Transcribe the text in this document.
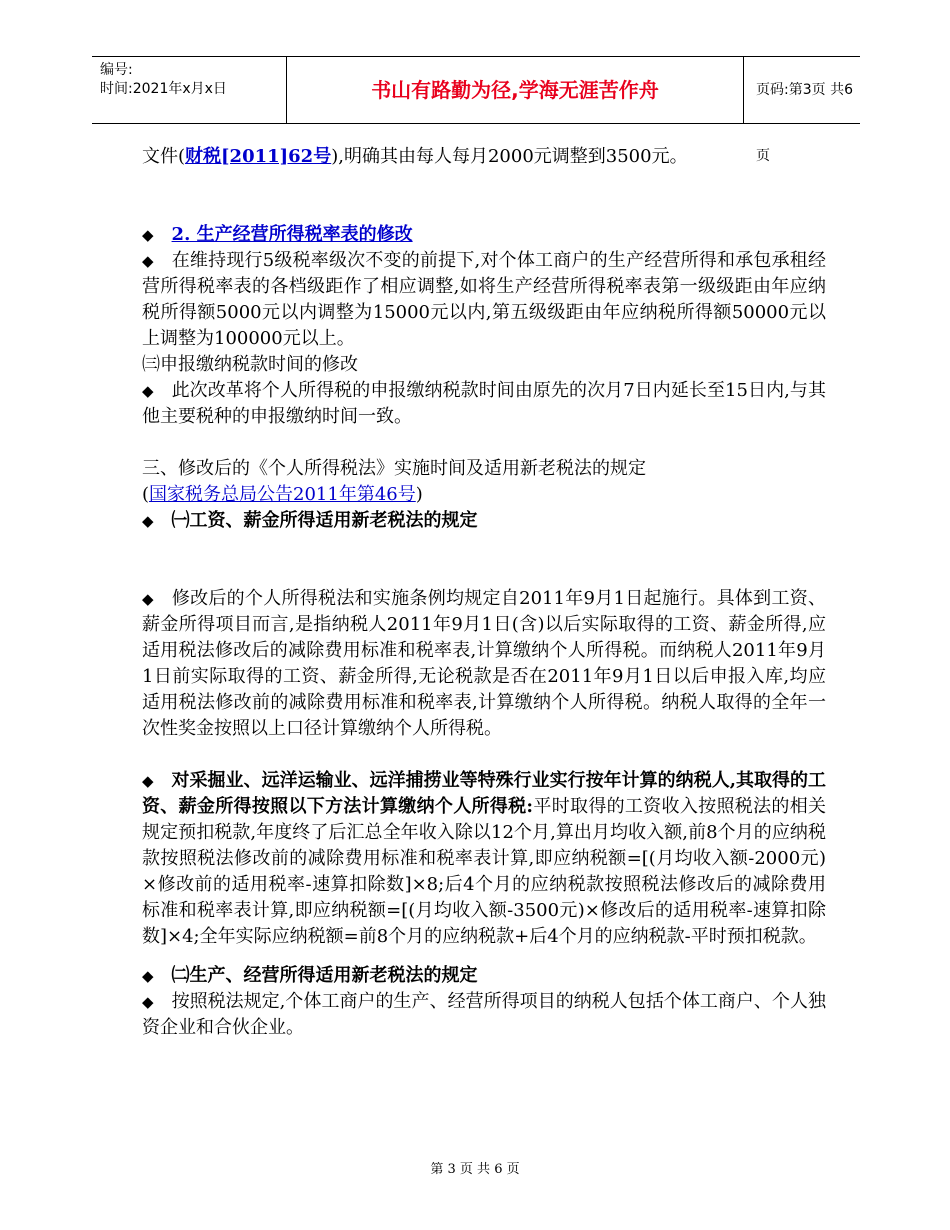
编号:
时间:2021年x月x日	书山有路勤为径,学海无涯苦作舟	页码:第3页 共6页
文件(财税[2011]62号),明确其由每人每月2000元调整到3500元。
◆ 2. 生产经营所得税率表的修改
◆ 在维持现行5级税率级次不变的前提下,对个体工商户的生产经营所得和承包承租经营所得税率表的各档级距作了相应调整,如将生产经营所得税率表第一级级距由年应纳税所得额5000元以内调整为15000元以内,第五级级距由年应纳税所得额50000元以上调整为100000元以上。
㈢申报缴纳税款时间的修改
◆ 此次改革将个人所得税的申报缴纳税款时间由原先的次月7日内延长至15日内,与其他主要税种的申报缴纳时间一致。
三、修改后的《个人所得税法》实施时间及适用新老税法的规定
(国家税务总局公告2011年第46号)
◆ ㈠工资、薪金所得适用新老税法的规定
◆ 修改后的个人所得税法和实施条例均规定自2011年9月1日起施行。具体到工资、薪金所得项目而言,是指纳税人2011年9月1日(含)以后实际取得的工资、薪金所得,应适用税法修改后的减除费用标准和税率表,计算缴纳个人所得税。而纳税人2011年9月1日前实际取得的工资、薪金所得,无论税款是否在2011年9月1日以后申报入库,均应适用税法修改前的减除费用标准和税率表,计算缴纳个人所得税。纳税人取得的全年一次性奖金按照以上口径计算缴纳个人所得税。
◆ 对采掘业、远洋运输业、远洋捕捞业等特殊行业实行按年计算的纳税人,其取得的工资、薪金所得按照以下方法计算缴纳个人所得税:平时取得的工资收入按照税法的相关规定预扣税款,年度终了后汇总全年收入除以12个月,算出月均收入额,前8个月的应纳税款按照税法修改前的减除费用标准和税率表计算,即应纳税额=[(月均收入额-2000元)×修改前的适用税率-速算扣除数]×8;后4个月的应纳税款按照税法修改后的减除费用标准和税率表计算,即应纳税额=[(月均收入额-3500元)×修改后的适用税率-速算扣除数]×4;全年实际应纳税额=前8个月的应纳税款+后4个月的应纳税款-平时预扣税款。
◆ ㈡生产、经营所得适用新老税法的规定
◆ 按照税法规定,个体工商户的生产、经营所得项目的纳税人包括个体工商户、个人独资企业和合伙企业。
第 3 页 共 6 页
